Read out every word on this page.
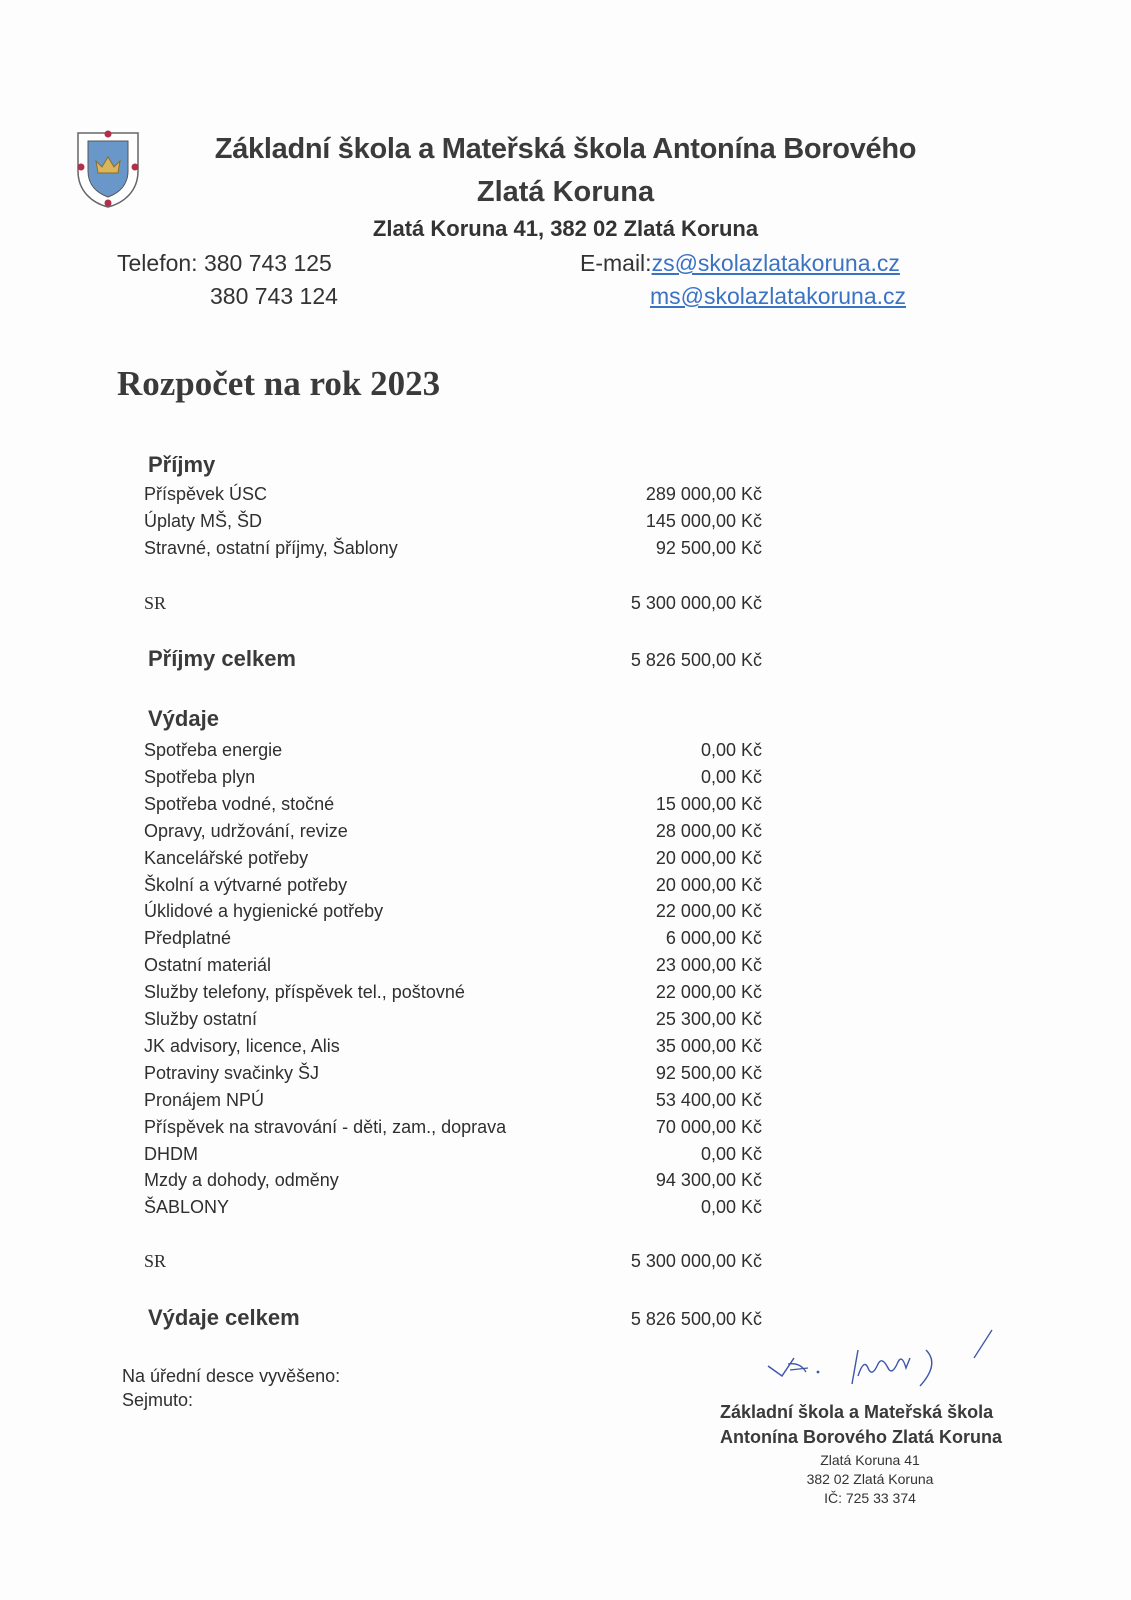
Základní škola a Mateřská škola Antonína Borového
Zlatá Koruna
Zlatá Koruna 41, 382 02 Zlatá Koruna
Telefon: 380 743 125
380 743 124
E-mail:zs@skolazlatakoruna.cz
ms@skolazlatakoruna.cz
Rozpočet na rok 2023
Příjmy
Příspěvek ÚSC	289 000,00 Kč
Úplaty MŠ, ŠD	145 000,00 Kč
Stravné, ostatní příjmy, Šablony	92 500,00 Kč
SR	5 300 000,00 Kč
Příjmy celkem	5 826 500,00 Kč
Výdaje
Spotřeba energie	0,00 Kč
Spotřeba plyn	0,00 Kč
Spotřeba vodné, stočné	15 000,00 Kč
Opravy, udržování, revize	28 000,00 Kč
Kancelářské potřeby	20 000,00 Kč
Školní a výtvarné potřeby	20 000,00 Kč
Úklidové a hygienické potřeby	22 000,00 Kč
Předplatné	6 000,00 Kč
Ostatní materiál	23 000,00 Kč
Služby telefony, příspěvek tel., poštovné	22 000,00 Kč
Služby ostatní	25 300,00 Kč
JK advisory, licence, Alis	35 000,00 Kč
Potraviny svačinky ŠJ	92 500,00 Kč
Pronájem NPÚ	53 400,00 Kč
Příspěvek na stravování - děti, zam., doprava	70 000,00 Kč
DHDM	0,00 Kč
Mzdy a dohody, odměny	94 300,00 Kč
ŠABLONY	0,00 Kč
SR	5 300 000,00 Kč
Výdaje celkem	5 826 500,00 Kč
Na úřední desce vyvěšeno:
Sejmuto:
Základní škola a Mateřská škola
Antonína Borového Zlatá Koruna
Zlatá Koruna 41
382 02 Zlatá Koruna
IČ: 725 33 374
